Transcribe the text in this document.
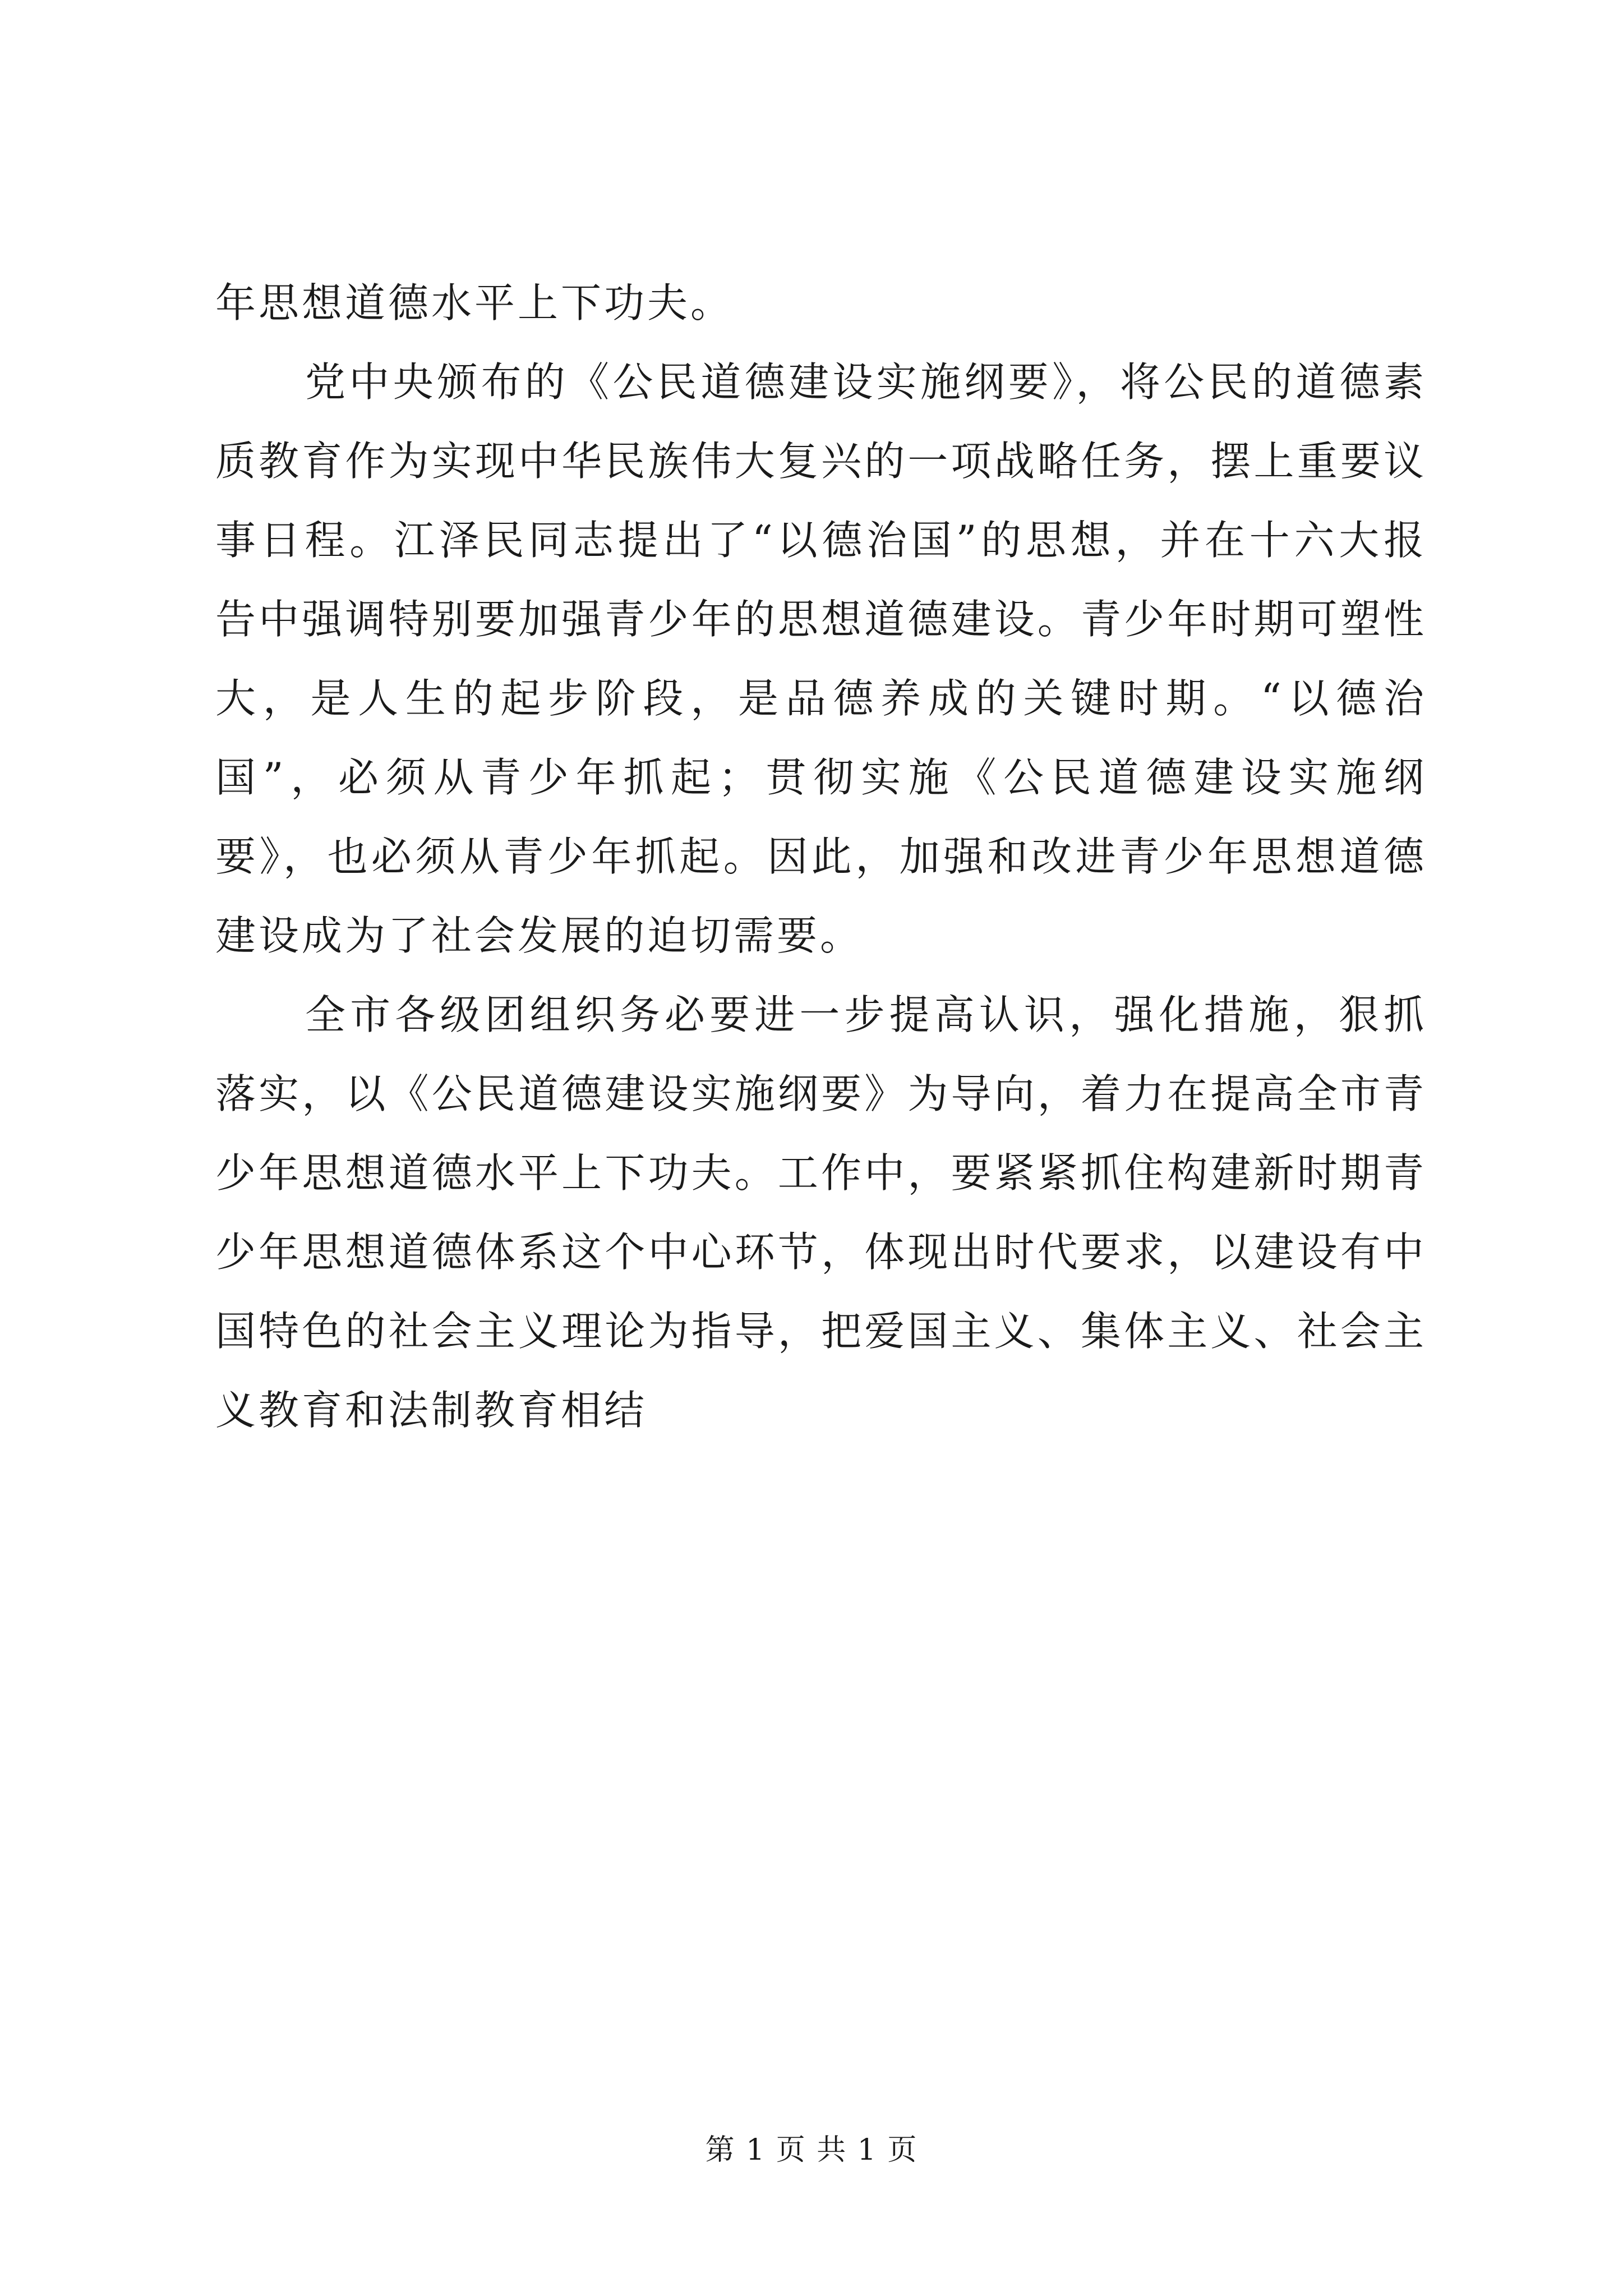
年思想道德水平上下功夫。

党中央颁布的《公民道德建设实施纲要》，将公民的道德素质教育作为实现中华民族伟大复兴的一项战略任务，摆上重要议事日程。江泽民同志提出了“以德治国”的思想，并在十六大报告中强调特别要加强青少年的思想道德建设。青少年时期可塑性大，是人生的起步阶段，是品德养成的关键时期。“以德治国”，必须从青少年抓起；贯彻实施《公民道德建设实施纲要》，也必须从青少年抓起。因此，加强和改进青少年思想道德建设成为了社会发展的迫切需要。

全市各级团组织务必要进一步提高认识，强化措施，狠抓落实，以《公民道德建设实施纲要》为导向，着力在提高全市青少年思想道德水平上下功夫。工作中，要紧紧抓住构建新时期青少年思想道德体系这个中心环节，体现出时代要求，以建设有中国特色的社会主义理论为指导，把爱国主义、集体主义、社会主义教育和法制教育相结

第 1 页 共 1 页
